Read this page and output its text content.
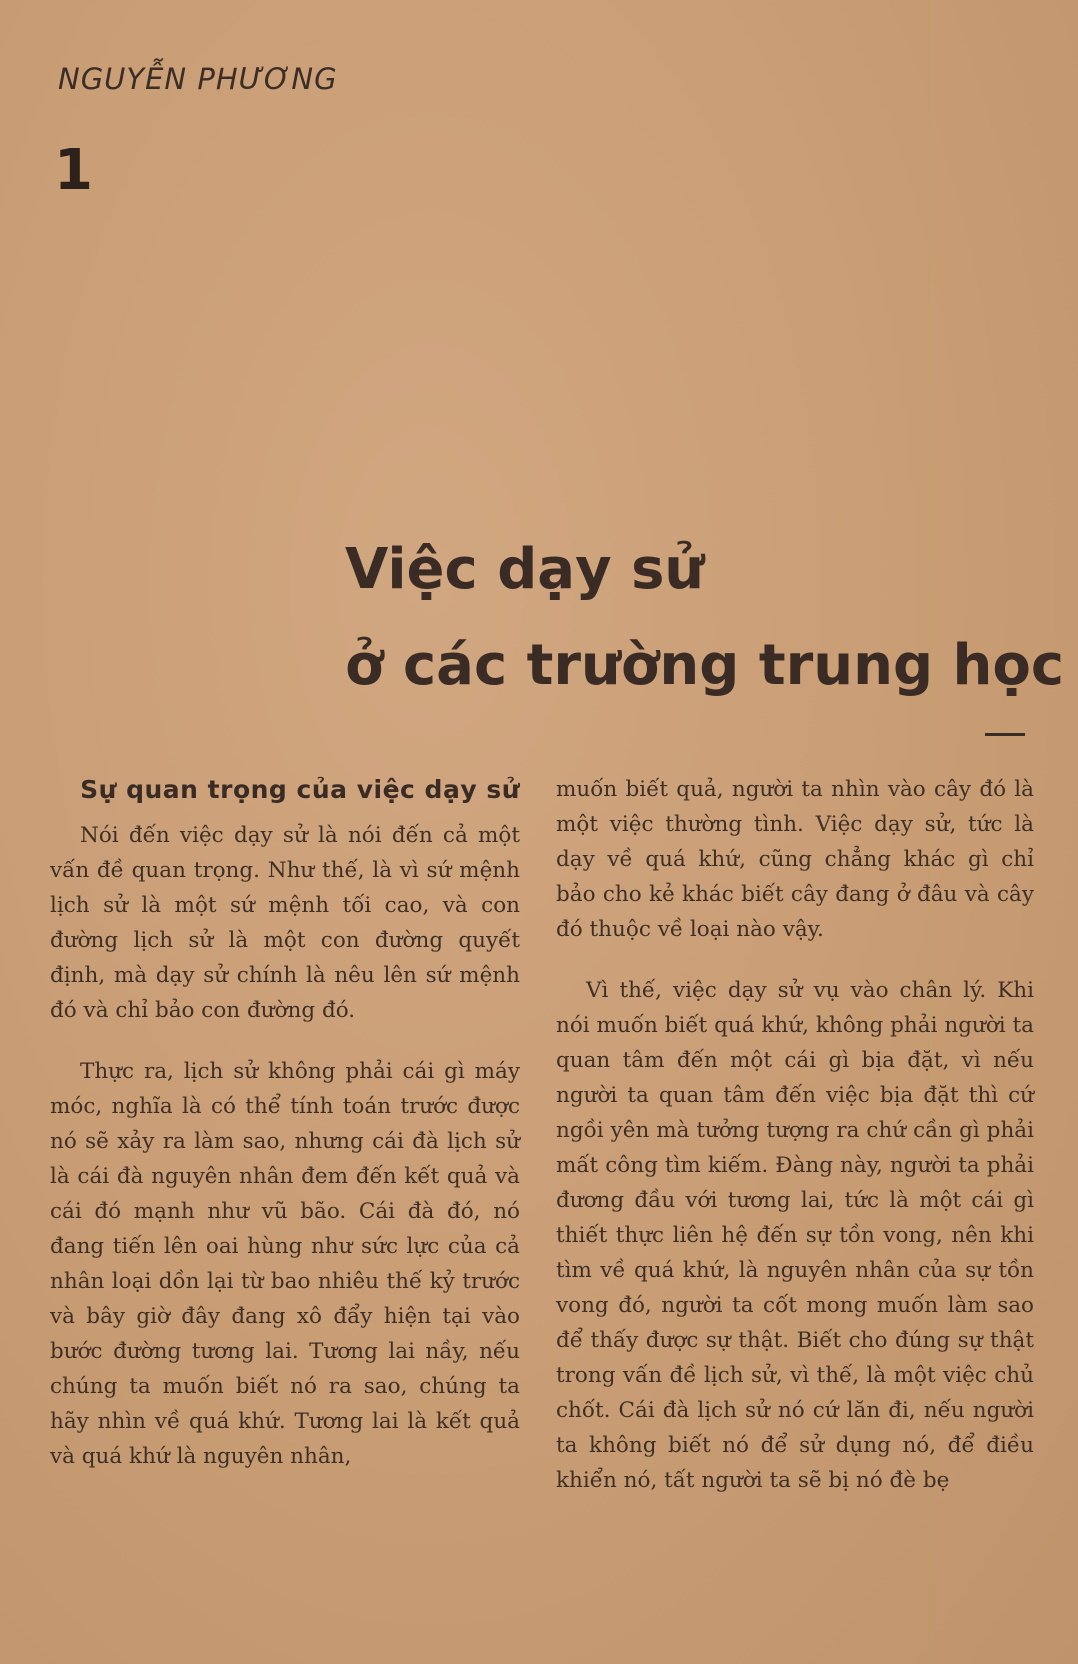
NGUYỄN PHƯƠNG
1
Việc dạy sử
ở các trường trung học
Sự quan trọng của việc dạy sử

Nói đến việc dạy sử là nói đến cả một vấn đề quan trọng. Như thế, là vì sứ mệnh lịch sử là một sứ mệnh tối cao, và con đường lịch sử là một con đường quyết định, mà dạy sử chính là nêu lên sứ mệnh đó và chỉ bảo con đường đó.

Thực ra, lịch sử không phải cái gì máy móc, nghĩa là có thể tính toán trước được nó sẽ xảy ra làm sao, nhưng cái đà lịch sử là cái đà nguyên nhân đem đến kết quả và cái đó mạnh như vũ bão. Cái đà đó, nó đang tiến lên oai hùng như sức lực của cả nhân loại dồn lại từ bao nhiêu thế kỷ trước và bây giờ đây đang xô đẩy hiện tại vào bước đường tương lai. Tương lai nầy, nếu chúng ta muốn biết nó ra sao, chúng ta hãy nhìn về quá khứ. Tương lai là kết quả và quá khứ là nguyên nhân,

muốn biết quả, người ta nhìn vào cây đó là một việc thường tình. Việc dạy sử, tức là dạy về quá khứ, cũng chẳng khác gì chỉ bảo cho kẻ khác biết cây đang ở đâu và cây đó thuộc về loại nào vậy.

Vì thế, việc dạy sử vụ vào chân lý. Khi nói muốn biết quá khứ, không phải người ta quan tâm đến một cái gì bịa đặt, vì nếu người ta quan tâm đến việc bịa đặt thì cứ ngồi yên mà tưởng tượng ra chứ cần gì phải mất công tìm kiếm. Đàng này, người ta phải đương đầu với tương lai, tức là một cái gì thiết thực liên hệ đến sự tồn vong, nên khi tìm về quá khứ, là nguyên nhân của sự tồn vong đó, người ta cốt mong muốn làm sao để thấy được sự thật. Biết cho đúng sự thật trong vấn đề lịch sử, vì thế, là một việc chủ chốt. Cái đà lịch sử nó cứ lăn đi, nếu người ta không biết nó để sử dụng nó, để điều khiển nó, tất người ta sẽ bị nó đè bẹ
